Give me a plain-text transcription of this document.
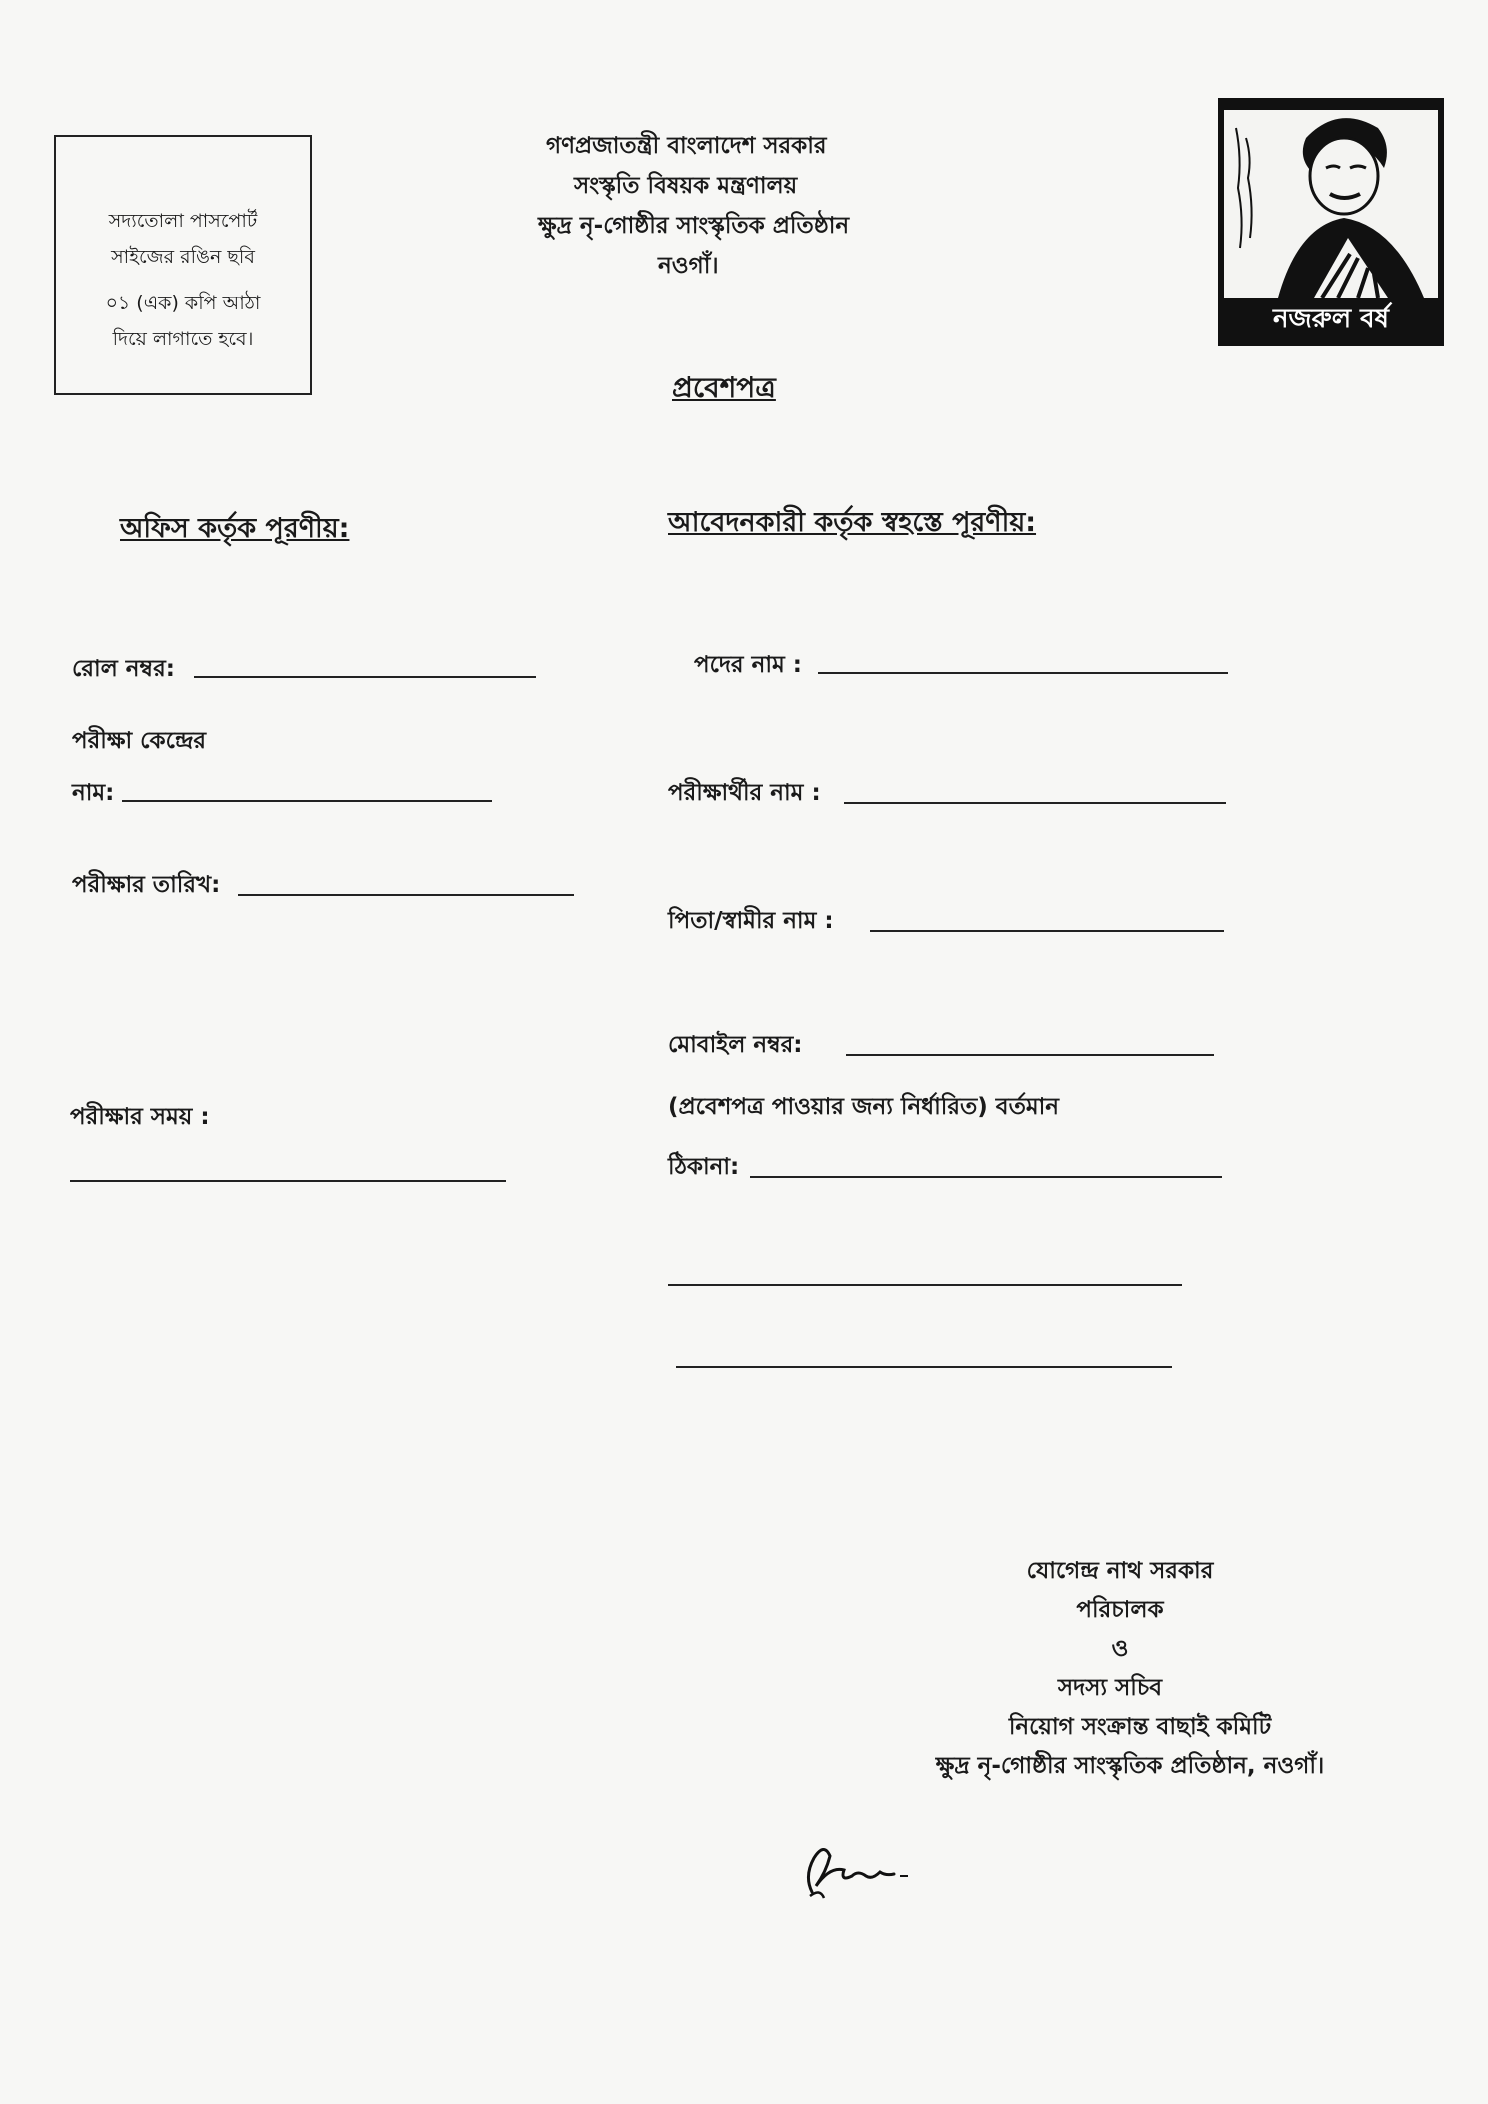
সদ্যতোলা পাসপোর্ট
সাইজের রঙিন ছবি
০১ (এক) কপি আঠা
দিয়ে লাগাতে হবে।
গণপ্রজাতন্ত্রী বাংলাদেশ সরকার
সংস্কৃতি বিষয়ক মন্ত্রণালয়
ক্ষুদ্র নৃ-গোষ্ঠীর সাংস্কৃতিক প্রতিষ্ঠান
নওগাঁ।
নজরুল বর্ষ
প্রবেশপত্র
অফিস কর্তৃক পূরণীয়:
রোল নম্বর:
পরীক্ষা কেন্দ্রের
নাম:
পরীক্ষার তারিখ:
পরীক্ষার সময় :
আবেদনকারী কর্তৃক স্বহস্তে পূরণীয়:
পদের নাম :
পরীক্ষার্থীর নাম :
পিতা/স্বামীর নাম :
মোবাইল নম্বর:
(প্রবেশপত্র পাওয়ার জন্য নির্ধারিত) বর্তমান
ঠিকানা:
যোগেন্দ্র নাথ সরকার
পরিচালক
ও
সদস্য সচিব
নিয়োগ সংক্রান্ত বাছাই কমিটি
ক্ষুদ্র নৃ-গোষ্ঠীর সাংস্কৃতিক প্রতিষ্ঠান, নওগাঁ।
